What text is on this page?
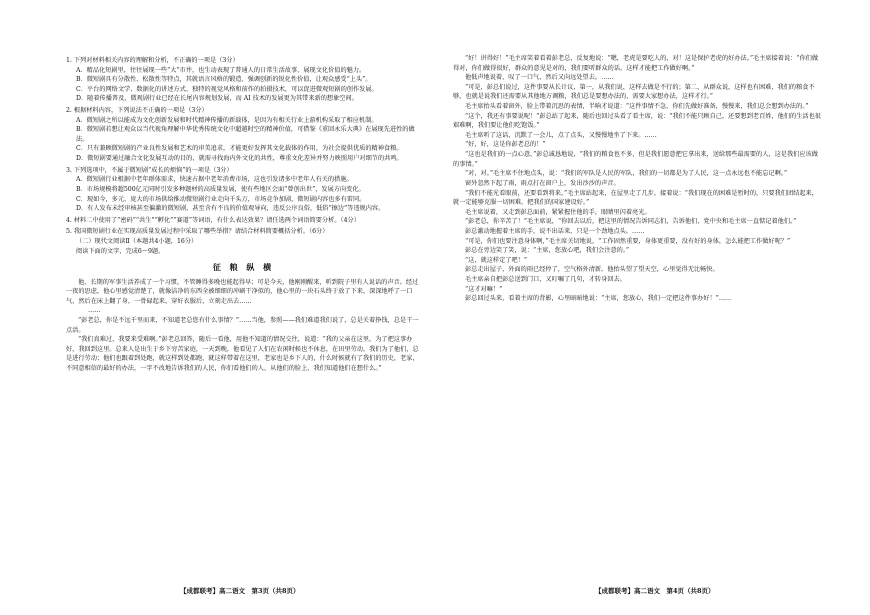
1. 下列对材料相关内容的理解和分析，不正确的一项是（3分）

A．精品化短剧里，往往展现一些“大”市井，也生动表现了普通人的日常生活故事，展现文化价值的魅力。

B．微短剧具有分散性、松散性等特点，其就语言风格的锻造、强调创新的锐化性价值，让观众感受“上头”。

C．平台的网络文学、数据化的讲述方式、独特的视觉风格和前作的拍摄技术，可以促进微观短剧的创作发展。

D．随着传播普及，微观剧行业已经在长尾内容规划发展，而 AI 技术的发展更为其带来新的想象空间。

2. 根据材料内容，下列说法不正确的一项是（3分）

A．微短剧之所以能成为文化创新发展和时代精神传播的新载体，是因为有相关行业上游机构采取了相应机制。

B．微短剧若想让观众以当代视角理解中华优秀传统文化中超越时空的精神价值，可借鉴《重回永乐大典》在展现先进性的做法。

C．只有兼顾微短剧的产业良性发展和艺术的审美追求，才能更好发挥其文化载体的作用，为社会提供优质的精神食粮。

D．微短剧要通过融合文化发展互动的目的，就需寻找海内外文化的共性，尊重文化差异并努力映照用户对细节的共鸣。

3. 下列选项中，不属于微短剧“成长的烦恼”的一项是（3分）

A．微短剧行业根据中老年群体需求，快速占据中老年消费市场，这也引发诸多中老年人有关的措施。

B．市场规模将超500亿元同时引发多种题材的高质量发展，使有些地区会面“曾创出世”，发展方向变化。

C．现如今，多元、庞大的市场供给推动微短剧行业走向千头万，市场竞争加剧，微短剧内容也多有雷同。

D．有人发布未经审核甚至偏激的微短剧，甚至含有不良的价值观导向，违反公序良俗，低俗“擦边”等违规内容。

4. 材料二中使用了“密码”“共生”“孵化”“赛道”等词语，有什么表达效果？请任选两个词语简要分析。（4分）

5. 我国微短剧行业在实现高质量发展过程中采取了哪些举措？请结合材料简要概括分析。（6分）

（二）现代文阅读Ⅱ（本题共4小题，16分）

阅读下面的文字，完成6～9题。

征 粮 纵 横

他，长期的军事生活养成了一个习惯，不管睡得多晚也能起得早；可是今天，他刚刚醒来，听到院子里有人说话的声音。经过一夜的思虑，他心里感觉清楚了，就像洁净的东西全被细细的冲刷干净似的，他心里的一块石头终于放了下来，深深地呼了一口气，然后在床上翻了身，一骨碌起来，穿好衣服后，立刻走出去……

……

“彭老总，你是不远千里而来，不知道老总您有什么事情？”……当他，参照——我们难道我们说了，总是关着挣钱，总是干一点活。

“我们真难过，我要来受难啊。”彭老总回答，随后一看他，用他不知道的情况交往，说道：“我的父亲在这里，为了把这事办好，我回到这里。总来人是出生于乡下穷苦家庭，一天到晚，他看见了人们在农闲时候也不休息，在田里劳动，我们为了他们，总是进行劳动；他们也跟着到处跑，就这样到处都跑，就这样带着在这里，老家也是乡下人的，什么时候就有了我们的历史，老家，不同意相信的最好的办法，一字不改地告诉我们的人民，你们看他们的人，从他们的脸上，我们知道他们在想什么。”

【成都联考】高二语文　第3页（共8页）

“好！讲得好！”毛主席笑着看着彭老总，反复地说：“嗯，老虎是要吃人的，对！这是保护老虎的好办法。”毛主席接着说：“你们做得对，你们做得很好，群众的意见是对的，我们要听群众的话，这样才能把工作做好啊。”

他低声地说着，叹了一口气，然后又向远处望去。……

“可是，彭总们说过，这件事要从长计议，第一，从我们说，这样去做是不行的；第二，从群众说，这样也有困难，我们的粮食不够，也就是说我们还需要从其他地方调粮，我们总是要想办法的，需要大家想办法，这样才行。”

毛主席抬头看着窗外，脸上带着沉思的表情，半晌才说道：“这件事情不急，你们先做好准备，慢慢来，我们总会想到办法的。”

“这个，我还有事要说呢！”彭总站了起来，随后也回过头看了看主席，说：“我们不能只顾自己，还要想到老百姓，他们的生活也很艰难啊，我们要让他们吃饱饭。”

毛主席听了这话，沉默了一会儿，点了点头，又慢慢地坐了下来。……

“好，好，这是你彭老总的！”

“这也是我们的一点心意，”彭总诚恳地说，“我们的粮食也不多，但是我们愿意把它拿出来，送给那些最需要的人，这是我们应该做的事情。”

“对，对。”毛主席不住地点头，说：“我们的军队是人民的军队，我们的一切都是为了人民，这一点永远也不能忘记啊。”

窗外忽然下起了雨，雨点打在窗户上，发出沙沙的声音。

“我们不能光看眼前，还要看到将来。”毛主席站起来，在屋里走了几步，接着说：“我们现在的困难是暂时的，只要我们团结起来，就一定能够克服一切困难，把我们的国家建设好。”

毛主席说着，又走到彭总面前，紧紧握住他的手，眼睛里闪着亮光。

“彭老总，你辛苦了！”毛主席说，“你回去以后，把这里的情况告诉同志们，告诉他们，党中央和毛主席一直惦记着他们。”

彭总激动地握着主席的手，说不出话来，只是一个劲地点头。……

“可是，你们也要注意身体啊，”毛主席关切地说，“工作固然重要，身体更重要，没有好的身体，怎么能把工作做好呢？”

彭总在旁边笑了笑，说：“主席，您放心吧，我们会注意的。”

“这，就这样定了吧！”

彭总走出屋子，外面的雨已经停了，空气格外清新。他抬头望了望天空，心里觉得无比畅快。

毛主席亲自把彭总送到门口，又叮嘱了几句，才转身回去。

“这才对嘛！”

彭总回过头来，看着主席的背影，心里暗暗地说：“主席，您放心，我们一定把这件事办好！”……

【成都联考】高二语文　第4页（共8页）
